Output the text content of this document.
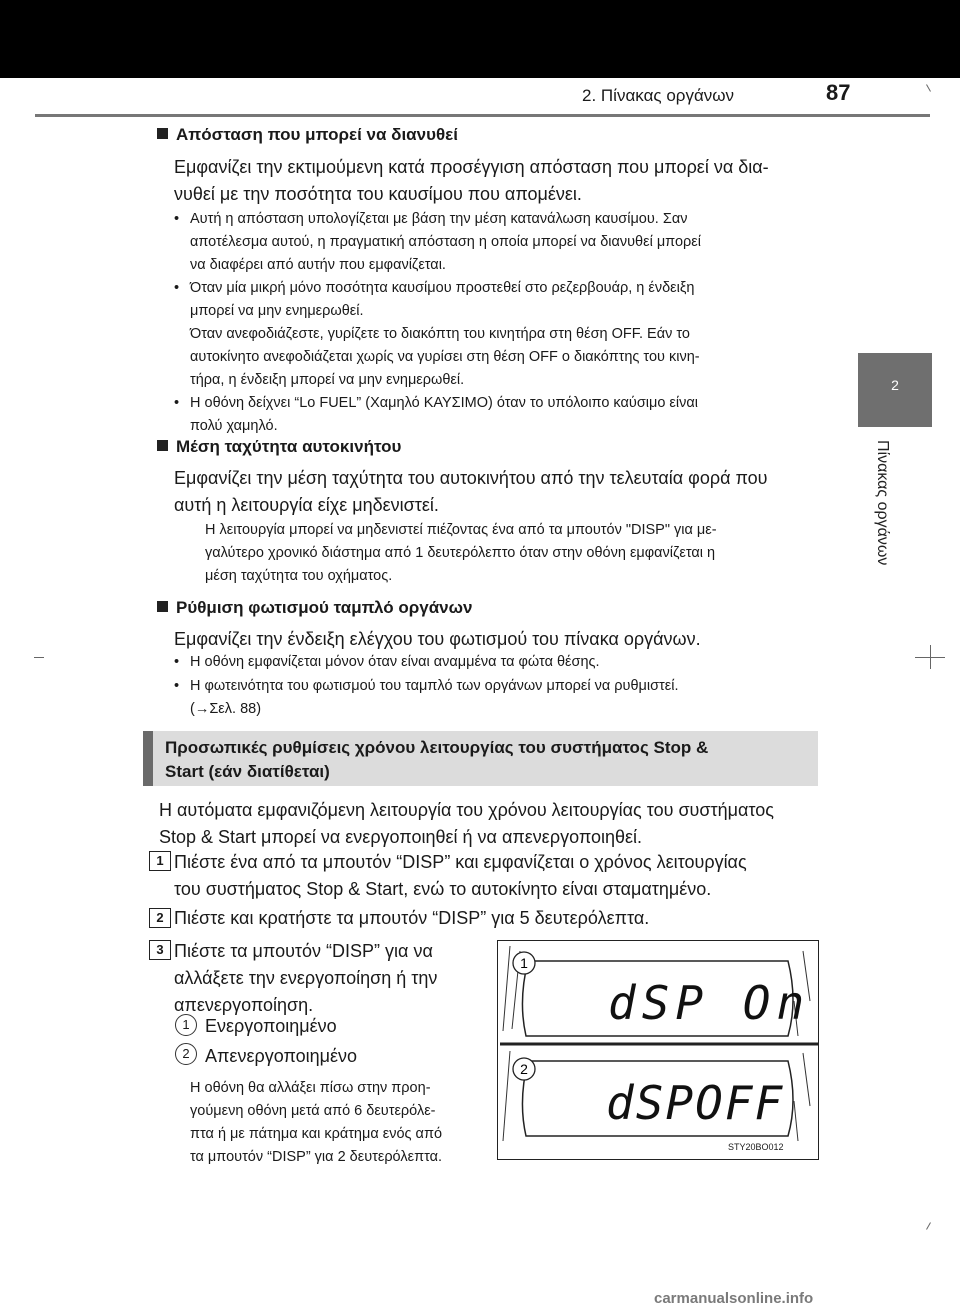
2. Πίνακας οργάνων	87
2
Πίνακας οργάνων
Απόσταση που μπορεί να διανυθεί
Εμφανίζει την εκτιμούμενη κατά προσέγγιση απόσταση που μπορεί να δια-
νυθεί με την ποσότητα του καυσίμου που απομένει.
• Αυτή η απόσταση υπολογίζεται με βάση την μέση κατανάλωση καυσίμου. Σαν
αποτέλεσμα αυτού, η πραγματική απόσταση η οποία μπορεί να διανυθεί μπορεί
να διαφέρει από αυτήν που εμφανίζεται.
• Όταν μία μικρή μόνο ποσότητα καυσίμου προστεθεί στο ρεζερβουάρ, η ένδειξη
μπορεί να μην ενημερωθεί.
Όταν ανεφοδιάζεστε, γυρίζετε το διακόπτη του κινητήρα στη θέση OFF. Εάν το
αυτοκίνητο ανεφοδιάζεται χωρίς να γυρίσει στη θέση OFF ο διακόπτης του κινη-
τήρα, η ένδειξη μπορεί να μην ενημερωθεί.
• Η οθόνη δείχνει “Lo FUEL” (Χαμηλό ΚΑΥΣΙΜΟ) όταν το υπόλοιπο καύσιμο είναι
πολύ χαμηλό.
Μέση ταχύτητα αυτοκινήτου
Εμφανίζει την μέση ταχύτητα του αυτοκινήτου από την τελευταία φορά που
αυτή η λειτουργία είχε μηδενιστεί.
Η λειτουργία μπορεί να μηδενιστεί πιέζοντας ένα από τα μπουτόν "DISP" για με-
γαλύτερο χρονικό διάστημα από 1 δευτερόλεπτο όταν στην οθόνη εμφανίζεται η
μέση ταχύτητα του οχήματος.
Ρύθμιση φωτισμού ταμπλό οργάνων
Εμφανίζει την ένδειξη ελέγχου του φωτισμού του πίνακα οργάνων.
• Η οθόνη εμφανίζεται μόνον όταν είναι αναμμένα τα φώτα θέσης.
• Η φωτεινότητα του φωτισμού του ταμπλό των οργάνων μπορεί να ρυθμιστεί.
(→Σελ. 88)
Προσωπικές ρυθμίσεις χρόνου λειτουργίας του συστήματος Stop &
Start (εάν διατίθεται)
Η αυτόματα εμφανιζόμενη λειτουργία του χρόνου λειτουργίας του συστήματος
Stop & Start μπορεί να ενεργοποιηθεί ή να απενεργοποιηθεί.
1 Πιέστε ένα από τα μπουτόν “DISP” και εμφανίζεται ο χρόνος λειτουργίας
του συστήματος Stop & Start, ενώ το αυτοκίνητο είναι σταματημένο.
2 Πιέστε και κρατήστε τα μπουτόν “DISP” για 5 δευτερόλεπτα.
3 Πιέστε τα μπουτόν “DISP” για να
αλλάξετε την ενεργοποίηση ή την
απενεργοποίηση.
1 Ενεργοποιημένο
2 Απενεργοποιημένο
Η οθόνη θα αλλάξει πίσω στην προη-
γούμενη οθόνη μετά από 6 δευτερόλε-
πτα ή με πάτημα και κράτημα ενός από
τα μπουτόν “DISP” για 2 δευτερόλεπτα.
1
2
dSP On
dSPOFF
STY20BO012
carmanualsonline.info
